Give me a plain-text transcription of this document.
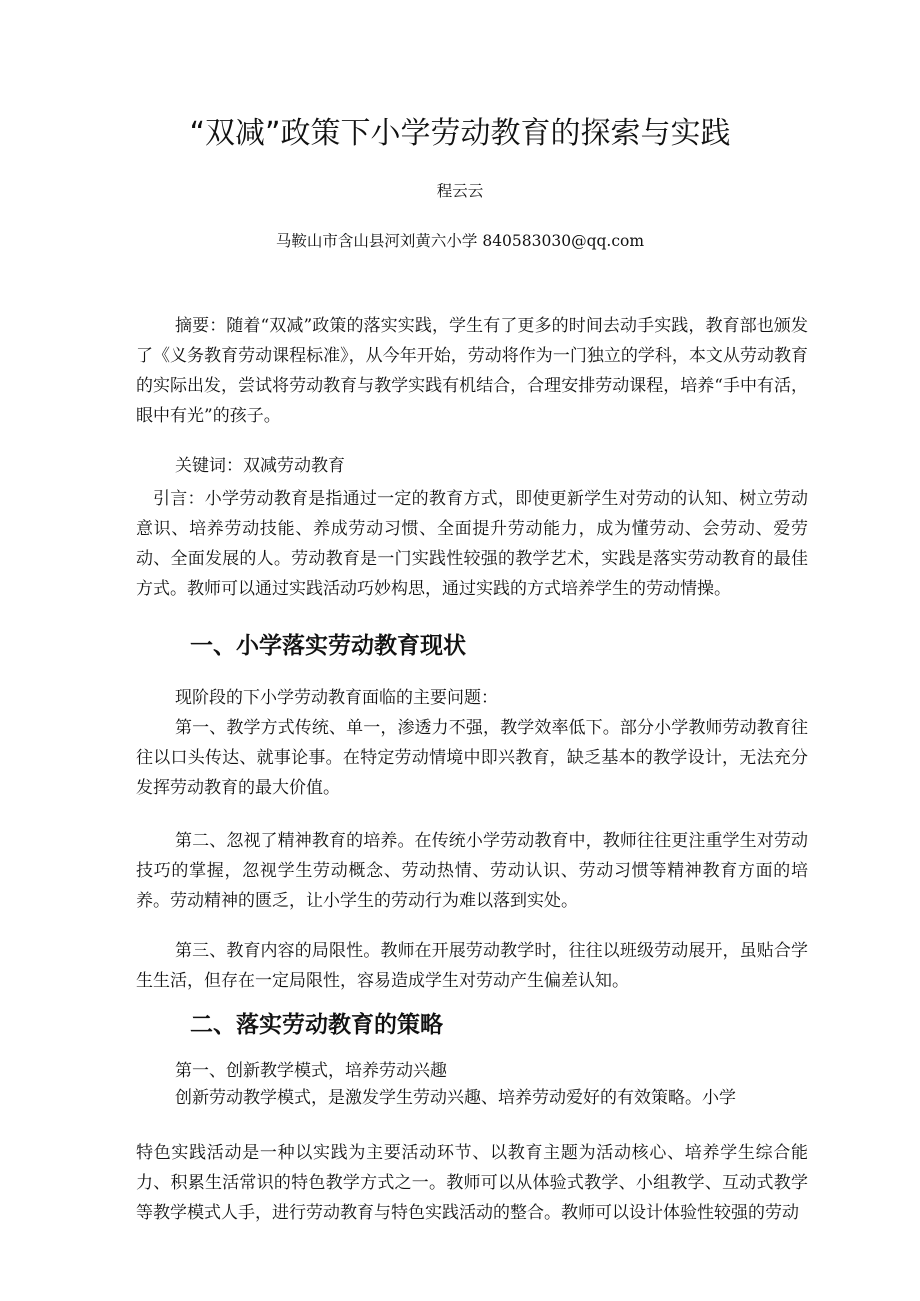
“双减”政策下小学劳动教育的探索与实践
程云云
马鞍山市含山县河刘黄六小学 840583030@qq.com

摘要：随着“双减”政策的落实实践，学生有了更多的时间去动手实践，教育部也颁发了《义务教育劳动课程标准》，从今年开始，劳动将作为一门独立的学科，本文从劳动教育的实际出发，尝试将劳动教育与教学实践有机结合，合理安排劳动课程，培养“手中有活，眼中有光”的孩子。

关键词：双减劳动教育

引言：小学劳动教育是指通过一定的教育方式，即使更新学生对劳动的认知、树立劳动意识、培养劳动技能、养成劳动习惯、全面提升劳动能力，成为懂劳动、会劳动、爱劳动、全面发展的人。劳动教育是一门实践性较强的教学艺术，实践是落实劳动教育的最佳方式。教师可以通过实践活动巧妙构思，通过实践的方式培养学生的劳动情操。

一、小学落实劳动教育现状
现阶段的下小学劳动教育面临的主要问题：

第一、教学方式传统、单一，渗透力不强，教学效率低下。部分小学教师劳动教育往往以口头传达、就事论事。在特定劳动情境中即兴教育，缺乏基本的教学设计，无法充分发挥劳动教育的最大价值。

第二、忽视了精神教育的培养。在传统小学劳动教育中，教师往往更注重学生对劳动技巧的掌握，忽视学生劳动概念、劳动热情、劳动认识、劳动习惯等精神教育方面的培养。劳动精神的匮乏，让小学生的劳动行为难以落到实处。

第三、教育内容的局限性。教师在开展劳动教学时，往往以班级劳动展开，虽贴合学生生活，但存在一定局限性，容易造成学生对劳动产生偏差认知。

二、落实劳动教育的策略
第一、创新教学模式，培养劳动兴趣
创新劳动教学模式，是激发学生劳动兴趣、培养劳动爱好的有效策略。小学

特色实践活动是一种以实践为主要活动环节、以教育主题为活动核心、培养学生综合能力、积累生活常识的特色教学方式之一。教师可以从体验式教学、小组教学、互动式教学等教学模式人手，进行劳动教育与特色实践活动的整合。教师可以设计体验性较强的劳动
